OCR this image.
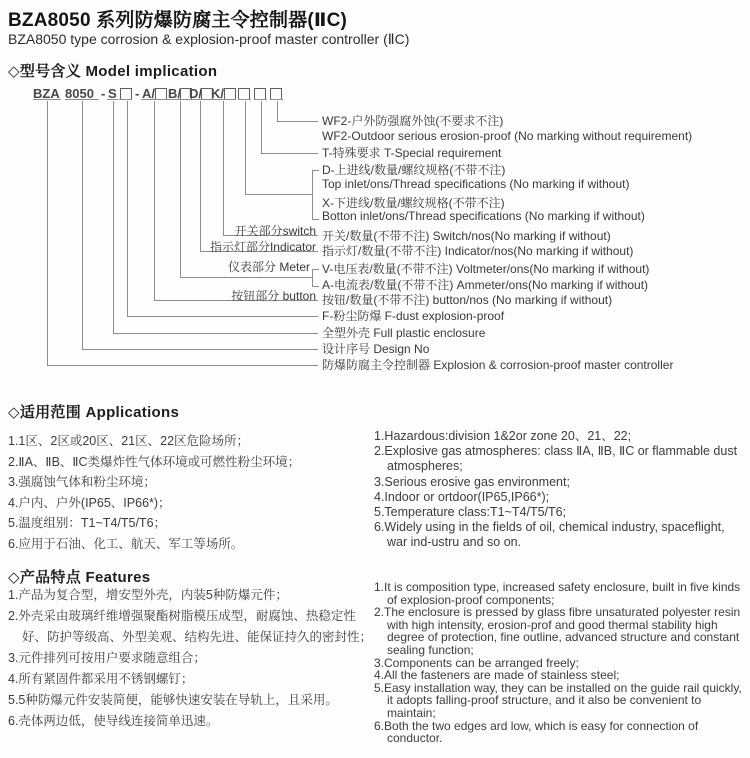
BZA8050 系列防爆防腐主令控制器(ⅡC)
BZA8050 type corrosion & explosion-proof master controller (ⅡC)
◇型号含义 Model implication
BZA 8050 - S - A/ B/ D/ K/
WF2-户外防强腐外蚀(不要求不注)
WF2-Outdoor serious erosion-proof (No marking without requirement)
T-特殊要求 T-Special requirement
D-上进线/数量/螺纹规格(不带不注)
Top inlet/ons/Thread specifications (No marking if without)
X-下进线/数量/螺纹规格(不带不注)
Botton inlet/ons/Thread specifications (No marking if without)
开关/数量(不带不注) Switch/nos(No marking if without)
指示灯/数量(不带不注) Indicator/nos(No marking if without)
V-电压表/数量(不带不注) Voltmeter/ons(No marking if without)
A-电流表/数量(不带不注) Ammeter/ons(No marking if without)
按钮/数量(不带不注) button/nos (No marking if without)
F-粉尘防爆 F-dust explosion-proof
全塑外壳 Full plastic enclosure
设计序号 Design No
防爆防腐主令控制器 Explosion & corrosion-proof master controller
开关部分switch
指示灯部分Indicator
仪表部分 Meter
按钮部分 button
◇适用范围 Applications
1.1区、2区或20区、21区、22区危险场所；
2.ⅡA、ⅡB、ⅡC类爆炸性气体环境或可燃性粉尘环境；
3.强腐蚀气体和粉尘环境；
4.户内、户外(IP65、IP66*)；
5.温度组别：T1~T4/T5/T6；
6.应用于石油、化工、航天、军工等场所。
1.Hazardous:division 1&2or zone 20、21、22;
2.Explosive gas atmospheres: class ⅡA, ⅡB, ⅡC or flammable dust atmospheres;
3.Serious erosive gas environment;
4.Indoor or ortdoor(IP65,IP66*);
5.Temperature class:T1~T4/T5/T6;
6.Widely using in the fields of oil, chemical industry, spaceflight, war ind-ustru and so on.
◇产品特点 Features
1.产品为复合型，增安型外壳，内装5种防爆元件；
2.外壳采由玻璃纤维增强聚酯树脂模压成型，耐腐蚀、热稳定性好、防护等级高、外型美观、结构先进、能保证持久的密封性；
3.元件排列可按用户要求随意组合；
4.所有紧固件都采用不锈钢螺钉；
5.5种防爆元件安装简便，能够快速安装在导轨上，且采用。
6.壳体两边低，使导线连接简单迅速。
1.It is composition type, increased safety enclosure, built in five kinds of explosion-proof components;
2.The enclosure is pressed by glass fibre unsaturated polyester resin with high intensity, erosion-prof and good thermal stability high degree of protection, fine outline, advanced structure and constant sealing function;
3.Components can be arranged freely;
4.All the fasteners are made of stainless steel;
5.Easy installation way, they can be installed on the guide rail quickly, it adopts falling-proof structure, and it also be convenient to maintain;
6.Both the two edges ard low, which is easy for connection of conductor.
